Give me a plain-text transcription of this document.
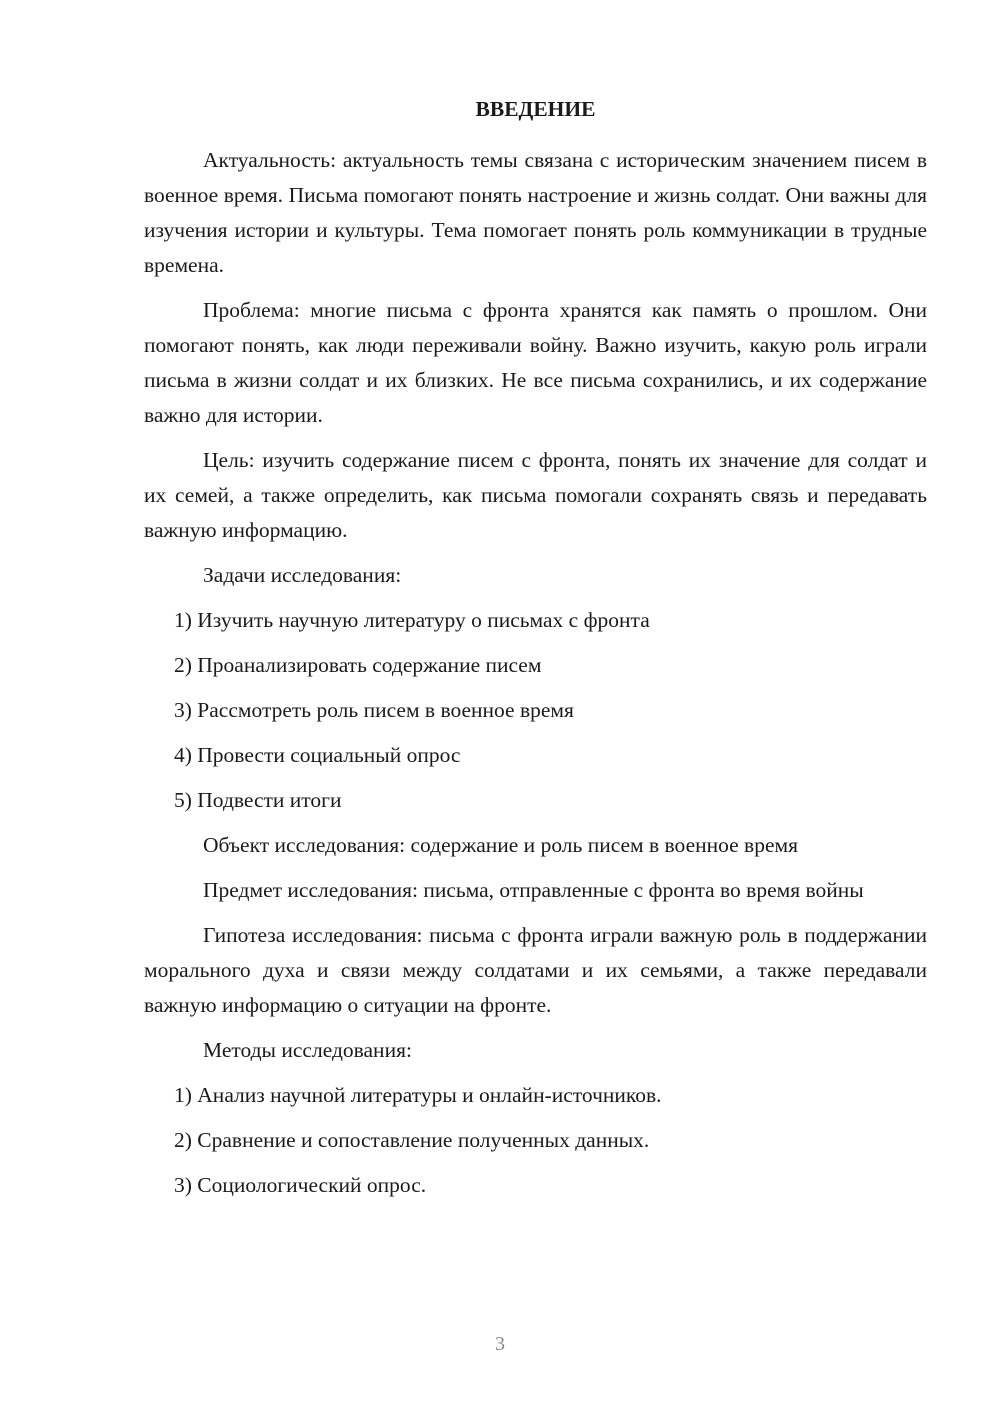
ВВЕДЕНИЕ

Актуальность: актуальность темы связана с историческим значением писем в военное время. Письма помогают понять настроение и жизнь солдат. Они важны для изучения истории и культуры. Тема помогает понять роль коммуникации в трудные времена.

Проблема: многие письма с фронта хранятся как память о прошлом. Они помогают понять, как люди переживали войну. Важно изучить, какую роль играли письма в жизни солдат и их близких. Не все письма сохранились, и их содержание важно для истории.

Цель: изучить содержание писем с фронта, понять их значение для солдат и их семей, а также определить, как письма помогали сохранять связь и передавать важную информацию.

Задачи исследования:

1) Изучить научную литературу о письмах с фронта
2) Проанализировать содержание писем
3) Рассмотреть роль писем в военное время
4) Провести социальный опрос
5) Подвести итоги

Объект исследования: содержание и роль писем в военное время

Предмет исследования: письма, отправленные с фронта во время войны

Гипотеза исследования: письма с фронта играли важную роль в поддержании морального духа и связи между солдатами и их семьями, а также передавали важную информацию о ситуации на фронте.

Методы исследования:

1) Анализ научной литературы и онлайн-источников.
2) Сравнение и сопоставление полученных данных.
3) Социологический опрос.
3
